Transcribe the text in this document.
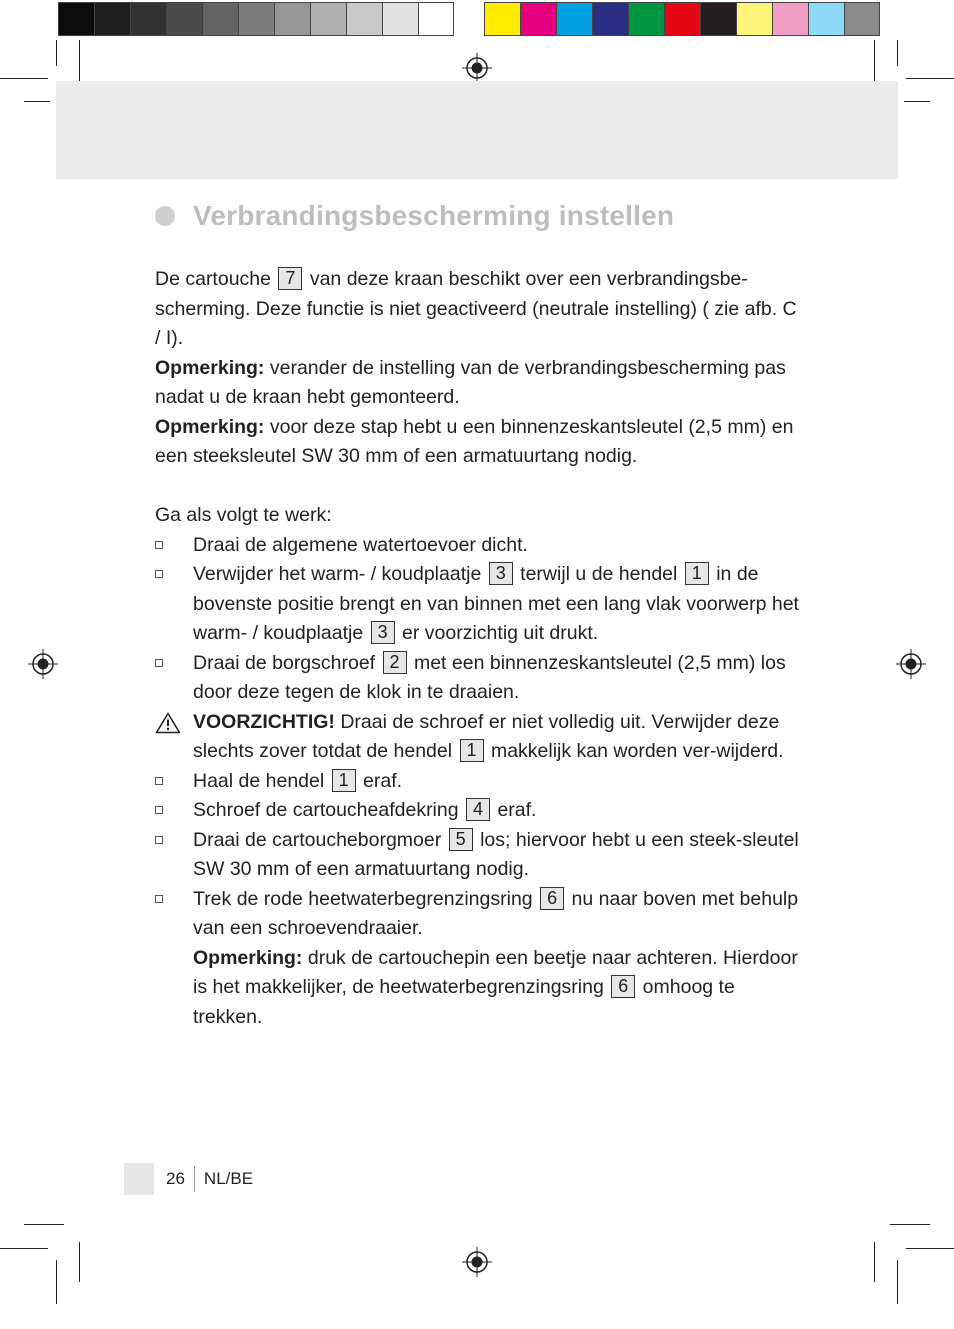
Verbrandingsbescherming instellen

De cartouche 7 van deze kraan beschikt over een verbrandingsbe-scherming. Deze functie is niet geactiveerd (neutrale instelling) ( zie afb. C / I).

Opmerking: verander de instelling van de verbrandingsbescherming pas nadat u de kraan hebt gemonteerd.

Opmerking: voor deze stap hebt u een binnenzeskantsleutel (2,5 mm) en een steeksleutel SW 30 mm of een armatuurtang nodig.

Ga als volgt te werk:

Draai de algemene watertoevoer dicht.
Verwijder het warm- / koudplaatje 3 terwijl u de hendel 1 in de bovenste positie brengt en van binnen met een lang vlak voorwerp het warm- / koudplaatje 3 er voorzichtig uit drukt.
Draai de borgschroef 2 met een binnenzeskantsleutel (2,5 mm) los door deze tegen de klok in te draaien.
VOORZICHTIG! Draai de schroef er niet volledig uit. Verwijder deze slechts zover totdat de hendel 1 makkelijk kan worden ver-wijderd.
Haal de hendel 1 eraf.
Schroef de cartoucheafdekring 4 eraf.
Draai de cartoucheborgmoer 5 los; hiervoor hebt u een steek-sleutel SW 30 mm of een armatuurtang nodig.
Trek de rode heetwaterbegrenzingsring 6 nu naar boven met behulp van een schroevendraaier.
Opmerking: druk de cartouchepin een beetje naar achteren. Hierdoor is het makkelijker, de heetwaterbegrenzingsring 6 omhoog te trekken.
26	NL/BE
